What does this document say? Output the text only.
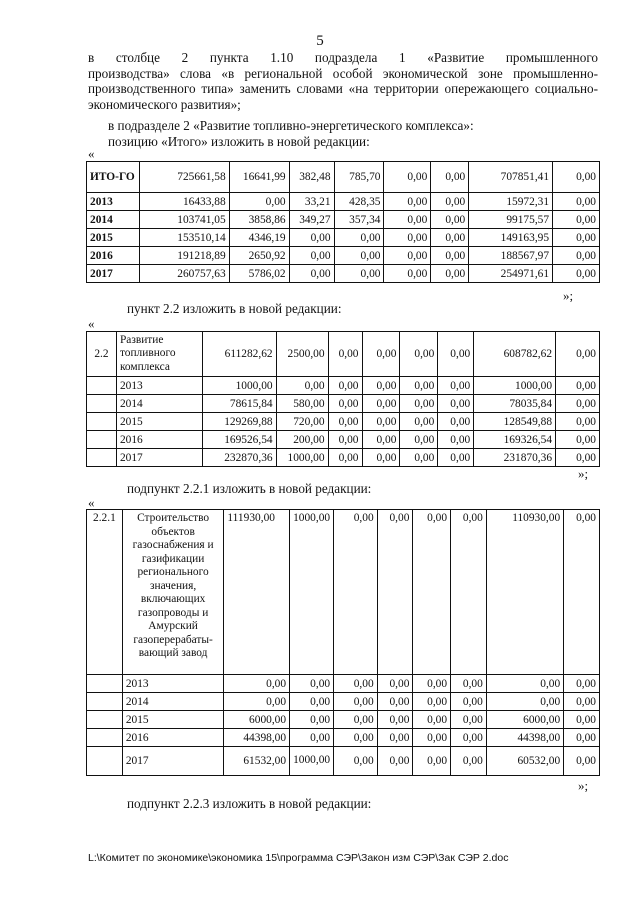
5
в столбце 2 пункта 1.10 подраздела 1 «Развитие промышленного
производства» слова «в региональной особой экономической зоне промышленно-производственного типа» заменить словами «на территории опережающего социально-экономического развития»;
в подразделе 2 «Развитие топливно-энергетического комплекса»:
позицию «Итого» изложить в новой редакции:
«
ИТО-ГО	725661,58	16641,99	382,48	785,70	0,00	0,00	707851,41	0,00
2013	16433,88	0,00	33,21	428,35	0,00	0,00	15972,31	0,00
2014	103741,05	3858,86	349,27	357,34	0,00	0,00	99175,57	0,00
2015	153510,14	4346,19	0,00	0,00	0,00	0,00	149163,95	0,00
2016	191218,89	2650,92	0,00	0,00	0,00	0,00	188567,97	0,00
2017	260757,63	5786,02	0,00	0,00	0,00	0,00	254971,61	0,00
»;
пункт 2.2 изложить в новой редакции:
«
2.2	Развитие топливного комплекса	611282,62	2500,00	0,00	0,00	0,00	0,00	608782,62	0,00
	2013	1000,00	0,00	0,00	0,00	0,00	0,00	1000,00	0,00
	2014	78615,84	580,00	0,00	0,00	0,00	0,00	78035,84	0,00
	2015	129269,88	720,00	0,00	0,00	0,00	0,00	128549,88	0,00
	2016	169526,54	200,00	0,00	0,00	0,00	0,00	169326,54	0,00
	2017	232870,36	1000,00	0,00	0,00	0,00	0,00	231870,36	0,00
»;
подпункт 2.2.1 изложить в новой редакции:
«
2.2.1	Строительство объектов газоснабжения и газификации регионального значения, включающих газопроводы и Амурский газоперерабаты-вающий завод	111930,00	1000,00	0,00	0,00	0,00	0,00	110930,00	0,00
	2013	0,00	0,00	0,00	0,00	0,00	0,00	0,00	0,00
	2014	0,00	0,00	0,00	0,00	0,00	0,00	0,00	0,00
	2015	6000,00	0,00	0,00	0,00	0,00	0,00	6000,00	0,00
	2016	44398,00	0,00	0,00	0,00	0,00	0,00	44398,00	0,00
	2017	61532,00	1000,00	0,00	0,00	0,00	0,00	60532,00	0,00
»;
подпункт 2.2.3 изложить в новой редакции:
L:\Комитет по экономике\экономика 15\программа СЭР\Закон изм СЭР\Зак СЭР 2.doc
